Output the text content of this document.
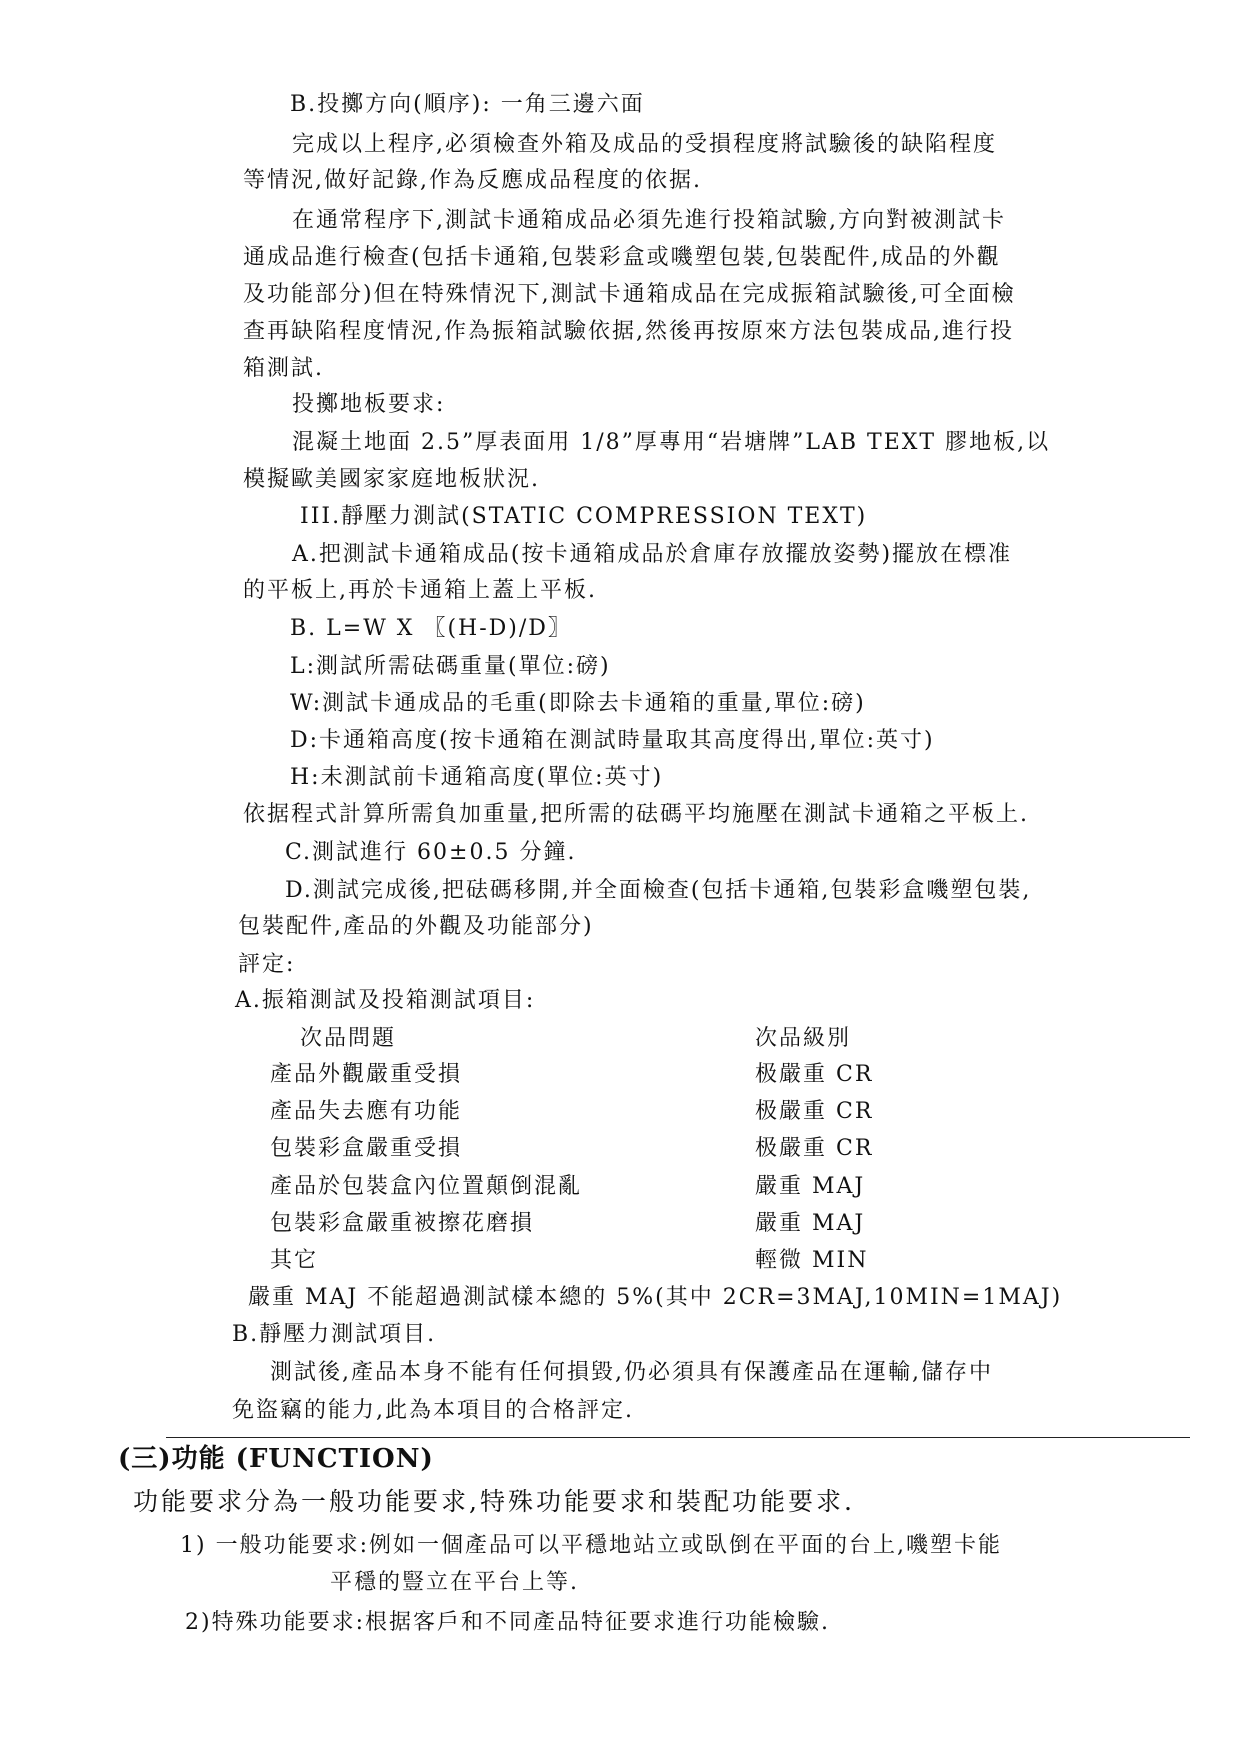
B.投擲方向(順序): 一角三邊六面
完成以上程序,必須檢查外箱及成品的受損程度將試驗後的缺陷程度
等情況,做好記錄,作為反應成品程度的依据.
在通常程序下,測試卡通箱成品必須先進行投箱試驗,方向對被測試卡
通成品進行檢查(包括卡通箱,包裝彩盒或嘰塑包裝,包裝配件,成品的外觀
及功能部分)但在特殊情況下,測試卡通箱成品在完成振箱試驗後,可全面檢
查再缺陷程度情況,作為振箱試驗依据,然後再按原來方法包裝成品,進行投
箱測試.
投擲地板要求:
混凝土地面 2.5”厚表面用 1/8”厚專用“岩塘牌”LAB TEXT 膠地板,以
模擬歐美國家家庭地板狀況.
III.靜壓力測試(STATIC COMPRESSION TEXT)
A.把測試卡通箱成品(按卡通箱成品於倉庫存放擺放姿勢)擺放在標准
的平板上,再於卡通箱上蓋上平板.
B. L=W X 〖(H-D)/D〗
L:測試所需砝碼重量(單位:磅)
W:測試卡通成品的毛重(即除去卡通箱的重量,單位:磅)
D:卡通箱高度(按卡通箱在測試時量取其高度得出,單位:英寸)
H:未測試前卡通箱高度(單位:英寸)
依据程式計算所需負加重量,把所需的砝碼平均施壓在測試卡通箱之平板上.
C.測試進行 60±0.5 分鐘.
D.測試完成後,把砝碼移開,并全面檢查(包括卡通箱,包裝彩盒嘰塑包裝,
包裝配件,產品的外觀及功能部分)
評定:
A.振箱測試及投箱測試項目:
次品問題	次品級別
產品外觀嚴重受損	极嚴重 CR
產品失去應有功能	极嚴重 CR
包裝彩盒嚴重受損	极嚴重 CR
產品於包裝盒內位置顛倒混亂	嚴重 MAJ
包裝彩盒嚴重被擦花磨損	嚴重 MAJ
其它	輕微 MIN
嚴重 MAJ 不能超過測試樣本總的 5%(其中 2CR=3MAJ,10MIN=1MAJ)
B.靜壓力測試項目.
測試後,產品本身不能有任何損毀,仍必須具有保護產品在運輸,儲存中
免盜竊的能力,此為本項目的合格評定.
(三)功能 (FUNCTION)
功能要求分為一般功能要求,特殊功能要求和裝配功能要求.
1) 一般功能要求:例如一個產品可以平穩地站立或臥倒在平面的台上,嘰塑卡能
平穩的豎立在平台上等.
2)特殊功能要求:根据客戶和不同產品特征要求進行功能檢驗.
